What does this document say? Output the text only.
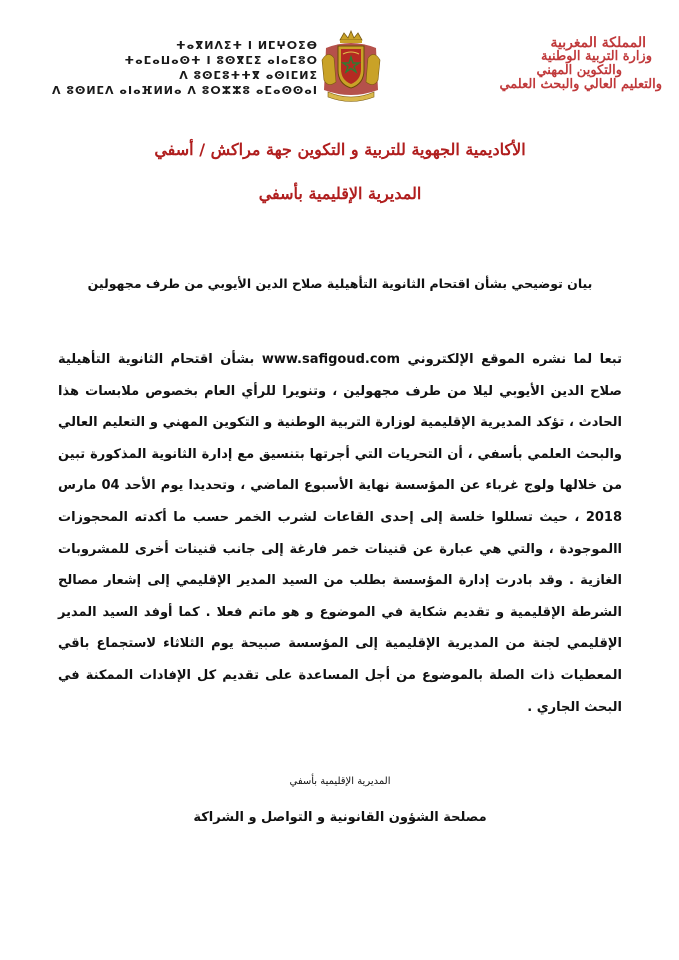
ⵜⴰⴳⵍⴷⵉⵜ ⵏ ⵍⵎⵖⵔⵉⴱ
ⵜⴰⵎⴰⵡⴰⵙⵜ ⵏ ⵓⵙⴳⵎⵉ ⴰⵏⴰⵎⵓⵔ
ⴷ ⵓⵙⵎⵓⵜⵜⴳ ⴰⵙⵏⵎⵍⵉ
ⴷ ⵓⵙⵍⵎⴷ ⴰⵏⴰⴼⵍⵍⴰ ⴷ ⵓⵔⵣⵣⵓ ⴰⵎⴰⵙⵙⴰⵏ
المملكة المغربية
وزارة التربية الوطنية
والتكوين المهني
والتعليم العالي والبحث العلمي
الأكاديمية الجهوية للتربية و التكوين جهة مراكش / أسفي
المديرية الإقليمية بأسفي
بيان توضيحي بشأن اقتحام الثانوية التأهيلية صلاح الدين الأيوبي من طرف مجهولين
تبعا لما نشره الموقع الإلكتروني www.safigoud.com بشأن اقتحام الثانوية التأهيلية صلاح الدين الأيوبي ليلا من طرف مجهولين ، وتنويرا للرأي العام بخصوص ملابسات هذا الحادث ، تؤكد المديرية الإقليمية لوزارة التربية الوطنية و التكوين المهني و التعليم العالي والبحث العلمي بأسفي ، أن التحريات التي أجرتها بتنسيق مع إدارة الثانوية المذكورة تبين من خلالها ولوج غرباء عن المؤسسة نهاية الأسبوع الماضي ، وتحديدا يوم الأحد 04 مارس 2018 ، حيث تسللوا خلسة إلى إحدى القاعات لشرب الخمر حسب ما أكدته المحجوزات االموجودة ، والتي هي عبارة عن قنينات خمر فارغة إلى جانب قنينات أخرى للمشروبات الغازية . وقد بادرت إدارة المؤسسة بطلب من السيد المدير الإقليمي إلى إشعار مصالح الشرطة الإقليمية و تقديم شكاية في الموضوع و هو ماتم فعلا . كما أوفد السيد المدير الإقليمي لجنة من المديرية الإقليمية إلى المؤسسة صبيحة يوم الثلاثاء لاستجماع باقي المعطيات ذات الصلة بالموضوع من أجل المساعدة على تقديم كل الإفادات الممكنة في البحث الجاري .
المديرية الإقليمية بأسفي
مصلحة الشؤون القانونية و التواصل و الشراكة
